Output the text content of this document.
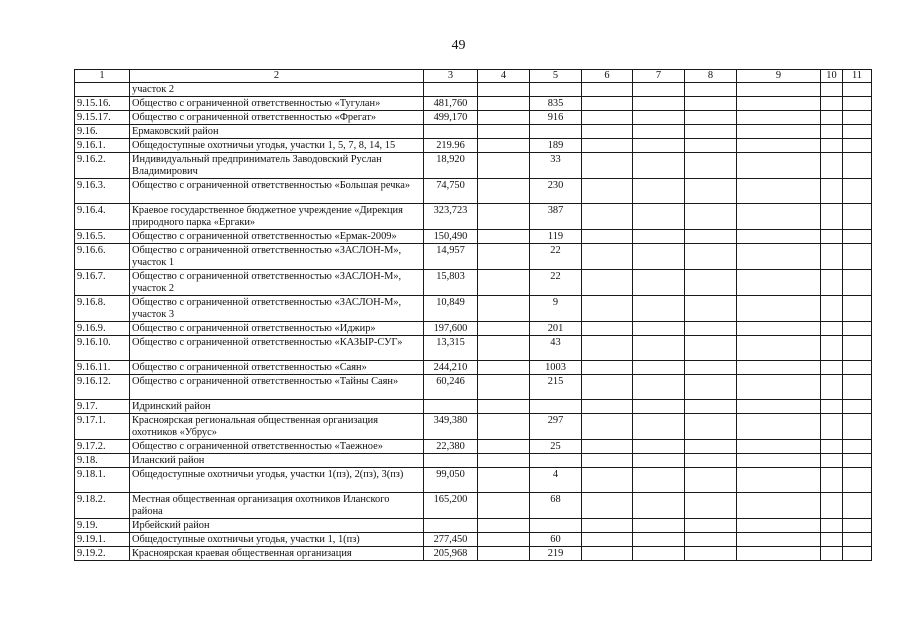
49
1	2	3	4	5	6	7	8	9	10	11
	участок 2									
9.15.16.	Общество с ограниченной ответственностью «Тугулан»	481,760		835						
9.15.17.	Общество с ограниченной ответственностью «Фрегат»	499,170		916						
9.16.	Ермаковский район									
9.16.1.	Общедоступные охотничьи угодья, участки 1, 5, 7, 8, 14, 15	219.96		189						
9.16.2.	Индивидуальный предприниматель Заводовский Руслан Владимирович	18,920		33						
9.16.3.	Общество с ограниченной ответственностью «Большая речка»	74,750		230						
9.16.4.	Краевое государственное бюджетное учреждение «Дирекция природного парка «Ергаки»	323,723		387						
9.16.5.	Общество с ограниченной ответственностью «Ермак-2009»	150,490		119						
9.16.6.	Общество с ограниченной ответственностью «ЗАСЛОН-М», участок 1	14,957		22						
9.16.7.	Общество с ограниченной ответственностью «ЗАСЛОН-М», участок 2	15,803		22						
9.16.8.	Общество с ограниченной ответственностью «ЗАСЛОН-М», участок 3	10,849		9						
9.16.9.	Общество с ограниченной ответственностью «Иджир»	197,600		201						
9.16.10.	Общество с ограниченной ответственностью «КАЗЫР-СУГ»	13,315		43						
9.16.11.	Общество с ограниченной ответственностью «Саян»	244,210		1003						
9.16.12.	Общество с ограниченной ответственностью «Тайны Саян»	60,246		215						
9.17.	Идринский район									
9.17.1.	Красноярская региональная общественная организация охотников «Убрус»	349,380		297						
9.17.2.	Общество с ограниченной ответственностью «Таежное»	22,380		25						
9.18.	Иланский район									
9.18.1.	Общедоступные охотничьи угодья, участки 1(пз), 2(пз), 3(пз)	99,050		4						
9.18.2.	Местная общественная организация охотников Иланского района	165,200		68						
9.19.	Ирбейский район									
9.19.1.	Общедоступные охотничьи угодья, участки 1, 1(пз)	277,450		60						
9.19.2.	Красноярская краевая общественная организация	205,968		219						
